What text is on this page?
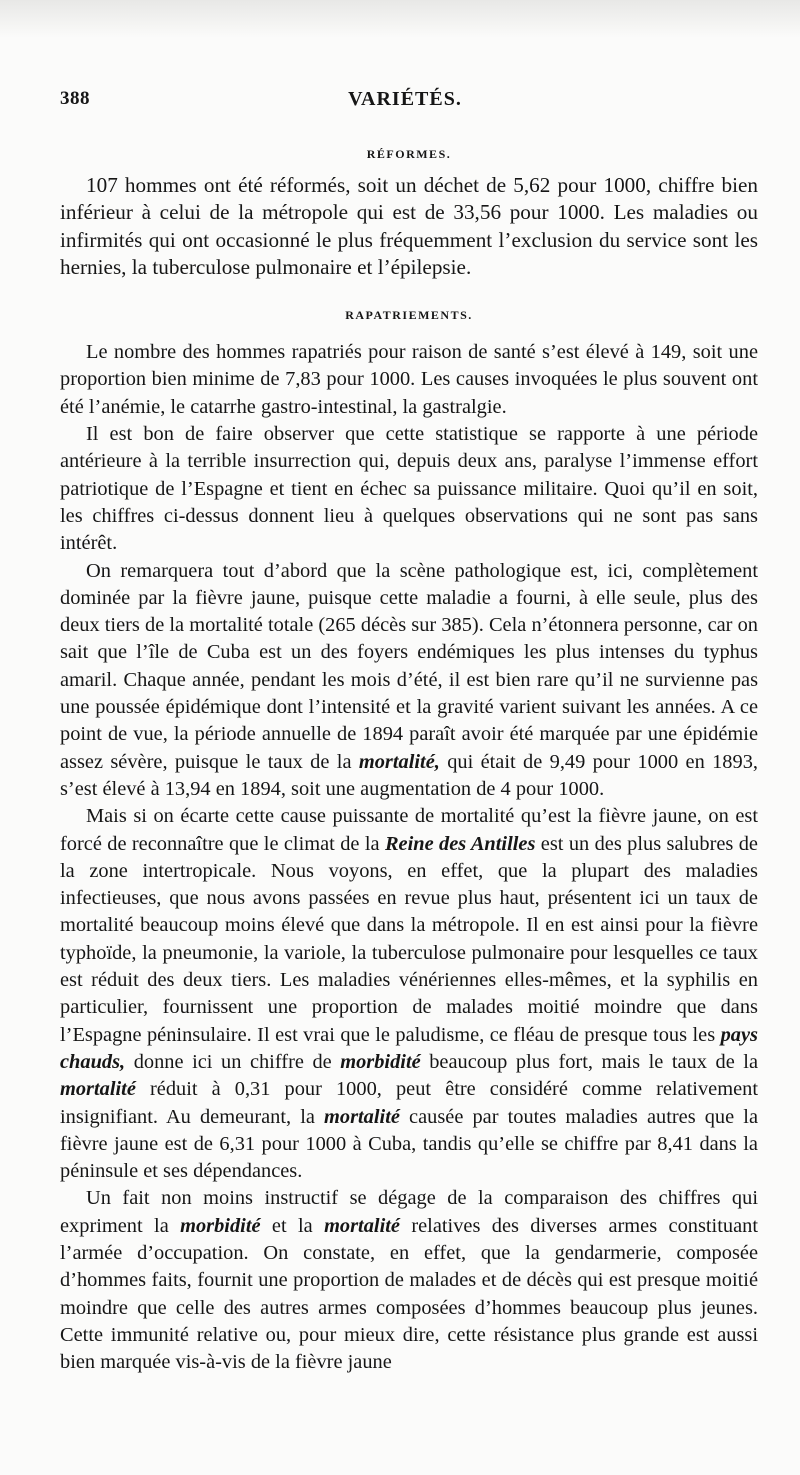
388	VARIÉTÉS.
RÉFORMES.

107 hommes ont été réformés, soit un déchet de 5,62 pour 1000, chiffre bien inférieur à celui de la métropole qui est de 33,56 pour 1000. Les maladies ou infirmités qui ont occasionné le plus fréquemment l’exclusion du service sont les hernies, la tuberculose pulmonaire et l’épilepsie.

RAPATRIEMENTS.

Le nombre des hommes rapatriés pour raison de santé s’est élevé à 149, soit une proportion bien minime de 7,83 pour 1000. Les causes invoquées le plus souvent ont été l’anémie, le catarrhe gastro-intestinal, la gastralgie.

Il est bon de faire observer que cette statistique se rapporte à une période antérieure à la terrible insurrection qui, depuis deux ans, paralyse l’immense effort patriotique de l’Espagne et tient en échec sa puissance militaire. Quoi qu’il en soit, les chiffres ci-dessus donnent lieu à quelques observations qui ne sont pas sans intérêt.

On remarquera tout d’abord que la scène pathologique est, ici, complètement dominée par la fièvre jaune, puisque cette maladie a fourni, à elle seule, plus des deux tiers de la mortalité totale (265 décès sur 385). Cela n’étonnera personne, car on sait que l’île de Cuba est un des foyers endémiques les plus intenses du typhus amaril. Chaque année, pendant les mois d’été, il est bien rare qu’il ne survienne pas une poussée épidémique dont l’intensité et la gravité varient suivant les années. A ce point de vue, la période annuelle de 1894 paraît avoir été marquée par une épidémie assez sévère, puisque le taux de la mortalité, qui était de 9,49 pour 1000 en 1893, s’est élevé à 13,94 en 1894, soit une augmentation de 4 pour 1000.

Mais si on écarte cette cause puissante de mortalité qu’est la fièvre jaune, on est forcé de reconnaître que le climat de la Reine des Antilles est un des plus salubres de la zone intertropicale. Nous voyons, en effet, que la plupart des maladies infectieuses, que nous avons passées en revue plus haut, présentent ici un taux de mortalité beaucoup moins élevé que dans la métropole. Il en est ainsi pour la fièvre typhoïde, la pneumonie, la variole, la tuberculose pulmonaire pour lesquelles ce taux est réduit des deux tiers. Les maladies vénériennes elles-mêmes, et la syphilis en particulier, fournissent une proportion de malades moitié moindre que dans l’Espagne péninsulaire. Il est vrai que le paludisme, ce fléau de presque tous les pays chauds, donne ici un chiffre de morbidité beaucoup plus fort, mais le taux de la mortalité réduit à 0,31 pour 1000, peut être considéré comme relativement insignifiant. Au demeurant, la mortalité causée par toutes maladies autres que la fièvre jaune est de 6,31 pour 1000 à Cuba, tandis qu’elle se chiffre par 8,41 dans la péninsule et ses dépendances.

Un fait non moins instructif se dégage de la comparaison des chiffres qui expriment la morbidité et la mortalité relatives des diverses armes constituant l’armée d’occupation. On constate, en effet, que la gendarmerie, composée d’hommes faits, fournit une proportion de malades et de décès qui est presque moitié moindre que celle des autres armes composées d’hommes beaucoup plus jeunes. Cette immunité relative ou, pour mieux dire, cette résistance plus grande est aussi bien marquée vis-à-vis de la fièvre jaune
